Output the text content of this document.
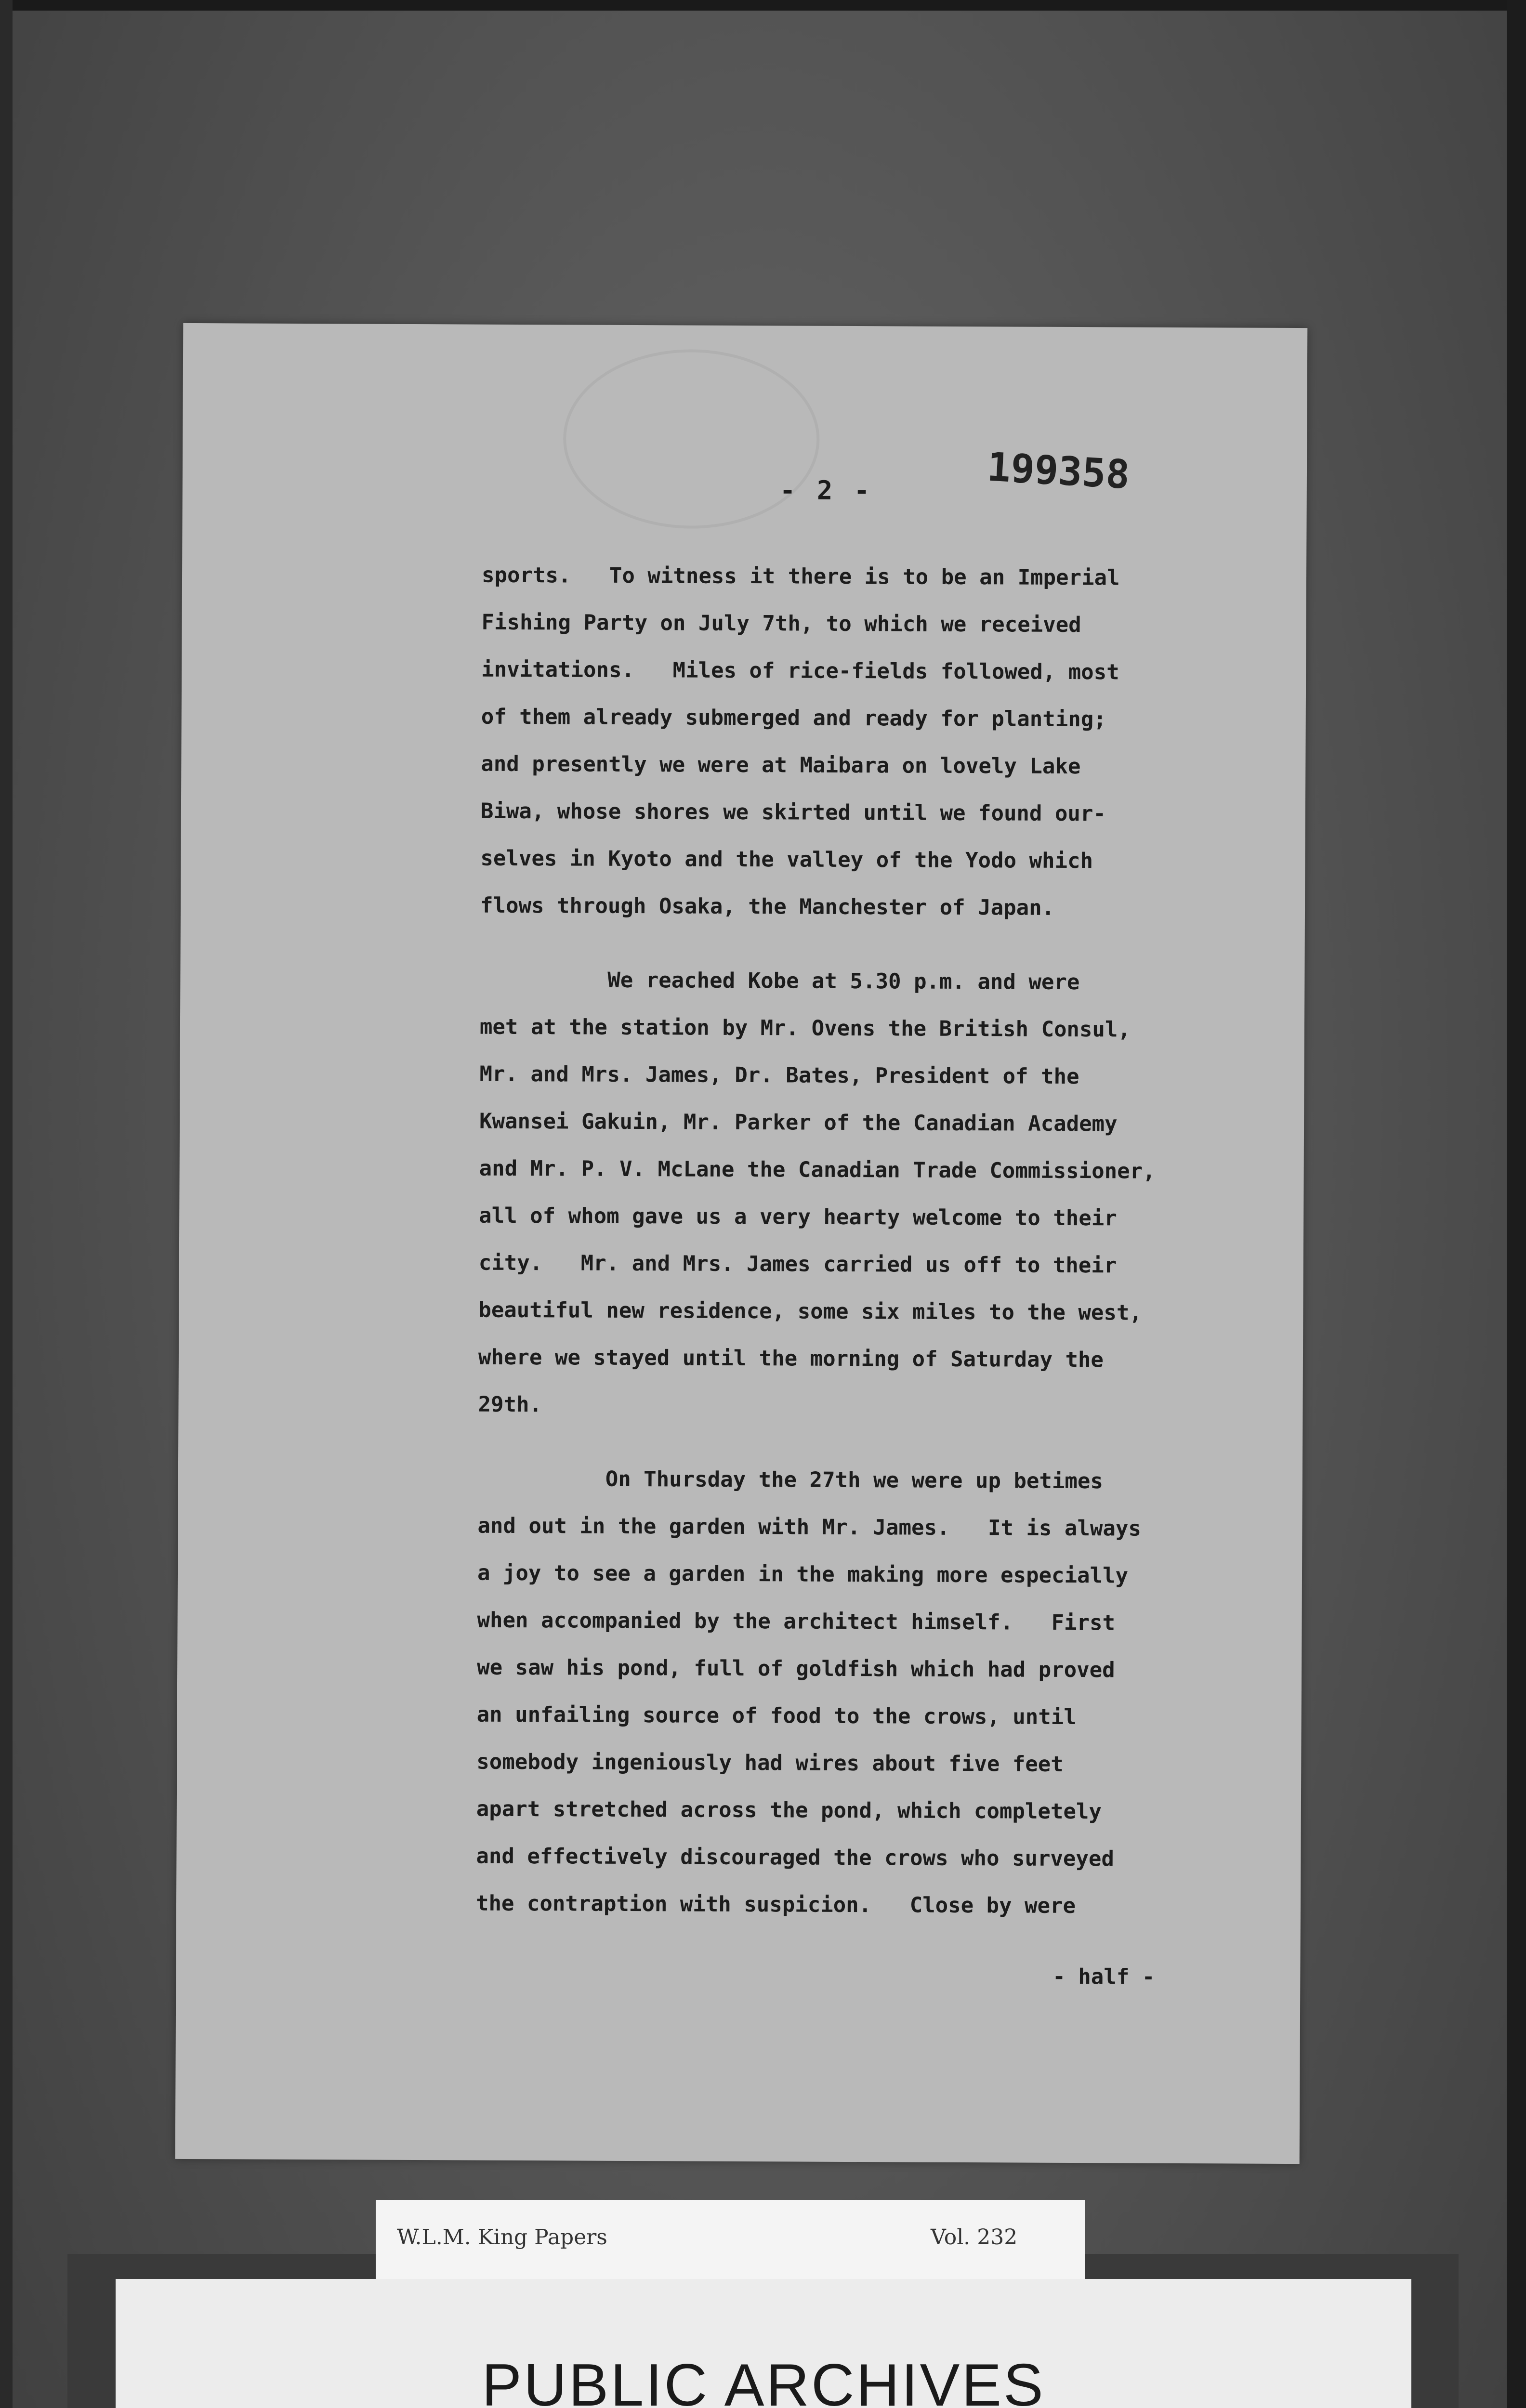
- 2 -	199358
sports.   To witness it there is to be an Imperial
Fishing Party on July 7th, to which we received
invitations.   Miles of rice-fields followed, most
of them already submerged and ready for planting;
and presently we were at Maibara on lovely Lake
Biwa, whose shores we skirted until we found our-
selves in Kyoto and the valley of the Yodo which
flows through Osaka, the Manchester of Japan.
We reached Kobe at 5.30 p.m. and were
met at the station by Mr. Ovens the British Consul,
Mr. and Mrs. James, Dr. Bates, President of the
Kwansei Gakuin, Mr. Parker of the Canadian Academy
and Mr. P. V. McLane the Canadian Trade Commissioner,
all of whom gave us a very hearty welcome to their
city.   Mr. and Mrs. James carried us off to their
beautiful new residence, some six miles to the west,
where we stayed until the morning of Saturday the
29th.
On Thursday the 27th we were up betimes
and out in the garden with Mr. James.   It is always
a joy to see a garden in the making more especially
when accompanied by the architect himself.   First
we saw his pond, full of goldfish which had proved
an unfailing source of food to the crows, until
somebody ingeniously had wires about five feet
apart stretched across the pond, which completely
and effectively discouraged the crows who surveyed
the contraption with suspicion.   Close by were
- half -
W.L.M. King Papers	Vol. 232
PUBLIC ARCHIVES
